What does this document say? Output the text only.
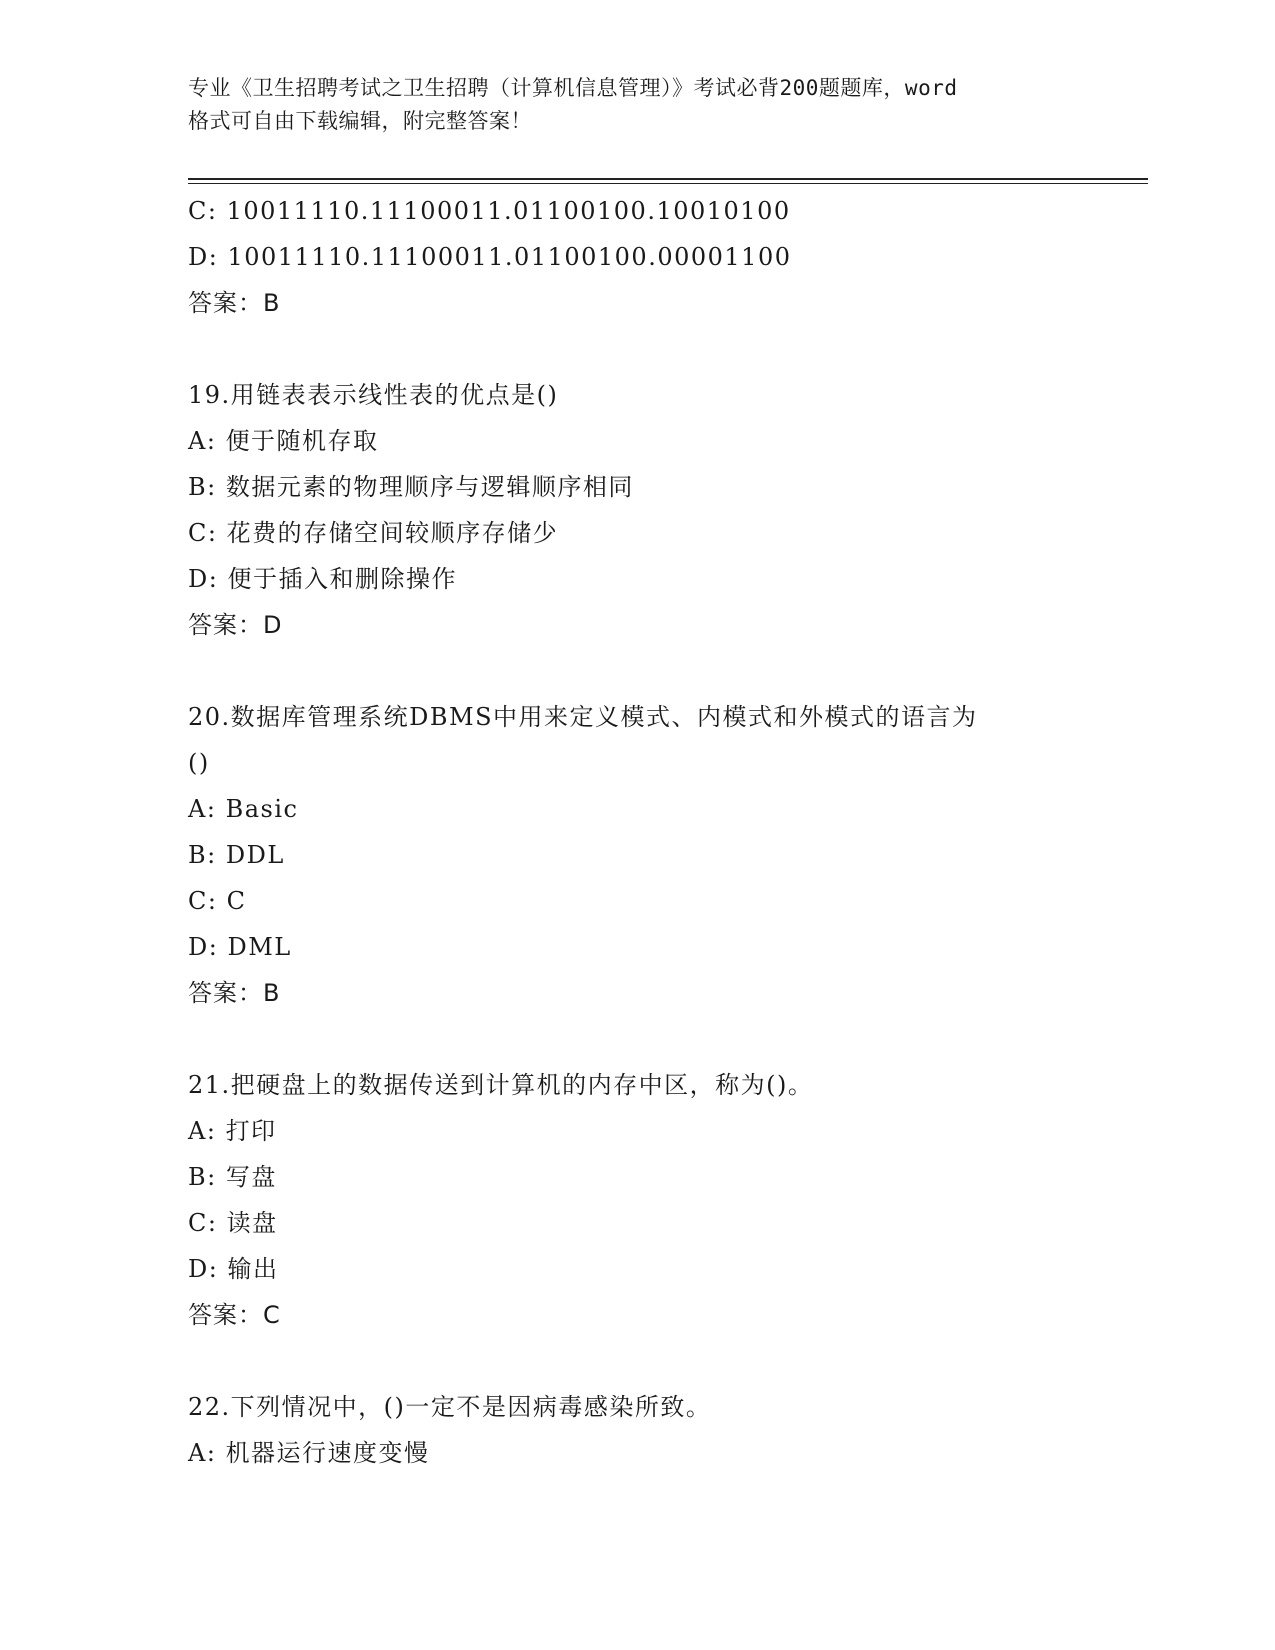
专业《卫生招聘考试之卫生招聘（计算机信息管理）》考试必背200题题库，word
格式可自由下载编辑，附完整答案！
C: 10011110.11100011.01100100.10010100
D: 10011110.11100011.01100100.00001100
答案：B
19.用链表表示线性表的优点是()
A: 便于随机存取
B: 数据元素的物理顺序与逻辑顺序相同
C: 花费的存储空间较顺序存储少
D: 便于插入和删除操作
答案：D
20.数据库管理系统DBMS中用来定义模式、内模式和外模式的语言为
()
A: Basic
B: DDL
C: C
D: DML
答案：B
21.把硬盘上的数据传送到计算机的内存中区，称为()。
A: 打印
B: 写盘
C: 读盘
D: 输出
答案：C
22.下列情况中，()一定不是因病毒感染所致。
A: 机器运行速度变慢
